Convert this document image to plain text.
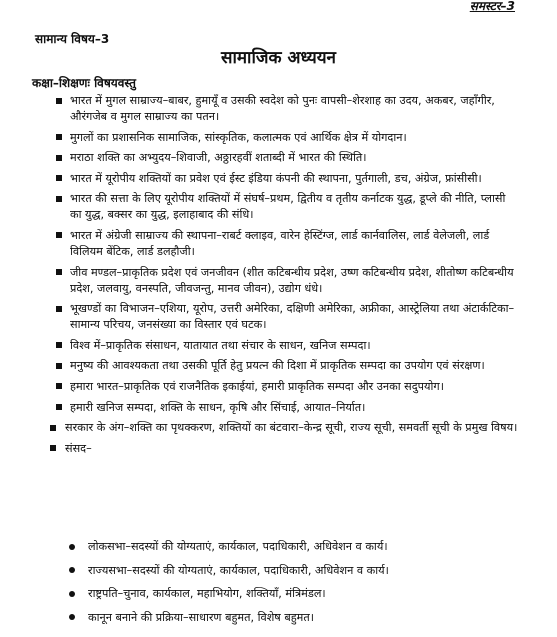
समस्टर–3
सामान्य विषय–3
सामाजिक अध्ययन
कक्षा–शिक्षणः विषयवस्तु
भारत में मुगल साम्राज्य–बाबर, हुमायूँ व उसकी स्वदेश को पुनः वापसी–शेरशाह का उदय, अकबर, जहाँगीर, औरंगजेब व मुगल साम्राज्य का पतन।
मुगलों का प्रशासनिक सामाजिक, सांस्कृतिक, कलात्मक एवं आर्थिक क्षेत्र में योगदान।
मराठा शक्ति का अभ्युदय–शिवाजी, अठ्ठारहवीं शताब्दी में भारत की स्थिति।
भारत में यूरोपीय शक्तियों का प्रवेश एवं ईस्ट इंडिया कंपनी की स्थापना, पुर्तगाली, डच, अंग्रेज, फ्रांसीसी।
भारत की सत्ता के लिए यूरोपीय शक्तियों में संघर्ष–प्रथम, द्वितीय व तृतीय कर्नाटक युद्ध, डूप्ले की नीति, प्लासी का युद्ध, बक्सर का युद्ध, इलाहाबाद की संधि।
भारत में अंग्रेजी साम्राज्य की स्थापना–राबर्ट क्लाइव, वारेन हेस्टिंग्ज, लार्ड कार्नवालिस, लार्ड वेलेजली, लार्ड विलियम बेंटिक, लार्ड डलहौजी।
जीव मण्डल–प्राकृतिक प्रदेश एवं जनजीवन (शीत कटिबन्धीय प्रदेश, उष्ण कटिबन्धीय प्रदेश, शीतोष्ण कटिबन्धीय प्रदेश, जलवायु, वनस्पति, जीवजन्तु, मानव जीवन), उद्योग धंधे।
भूखण्डों का विभाजन–एशिया, यूरोप, उत्तरी अमेरिका, दक्षिणी अमेरिका, अफ्रीका, आस्ट्रेलिया तथा अंटार्कटिका–सामान्य परिचय, जनसंख्या का विस्तार एवं घटक।
विश्व में–प्राकृतिक संसाधन, यातायात तथा संचार के साधन, खनिज सम्पदा।
मनुष्य की आवश्यकता तथा उसकी पूर्ति हेतु प्रयत्न की दिशा में प्राकृतिक सम्पदा का उपयोग एवं संरक्षण।
हमारा भारत–प्राकृतिक एवं राजनैतिक इकाईयां, हमारी प्राकृतिक सम्पदा और उनका सदुपयोग।
हमारी खनिज सम्पदा, शक्ति के साधन, कृषि और सिंचाई, आयात–निर्यात।
सरकार के अंग–शक्ति का पृथक्करण, शक्तियों का बंटवारा–केन्द्र सूची, राज्य सूची, समवर्ती सूची के प्रमुख विषय।
संसद–
लोकसभा–सदस्यों की योग्यताएं, कार्यकाल, पदाधिकारी, अधिवेशन व कार्य।
राज्यसभा–सदस्यों की योग्यताएं, कार्यकाल, पदाधिकारी, अधिवेशन व कार्य।
राष्ट्रपति–चुनाव, कार्यकाल, महाभियोग, शक्तियाँ, मंत्रिमंडल।
कानून बनाने की प्रक्रिया–साधारण बहुमत, विशेष बहुमत।
